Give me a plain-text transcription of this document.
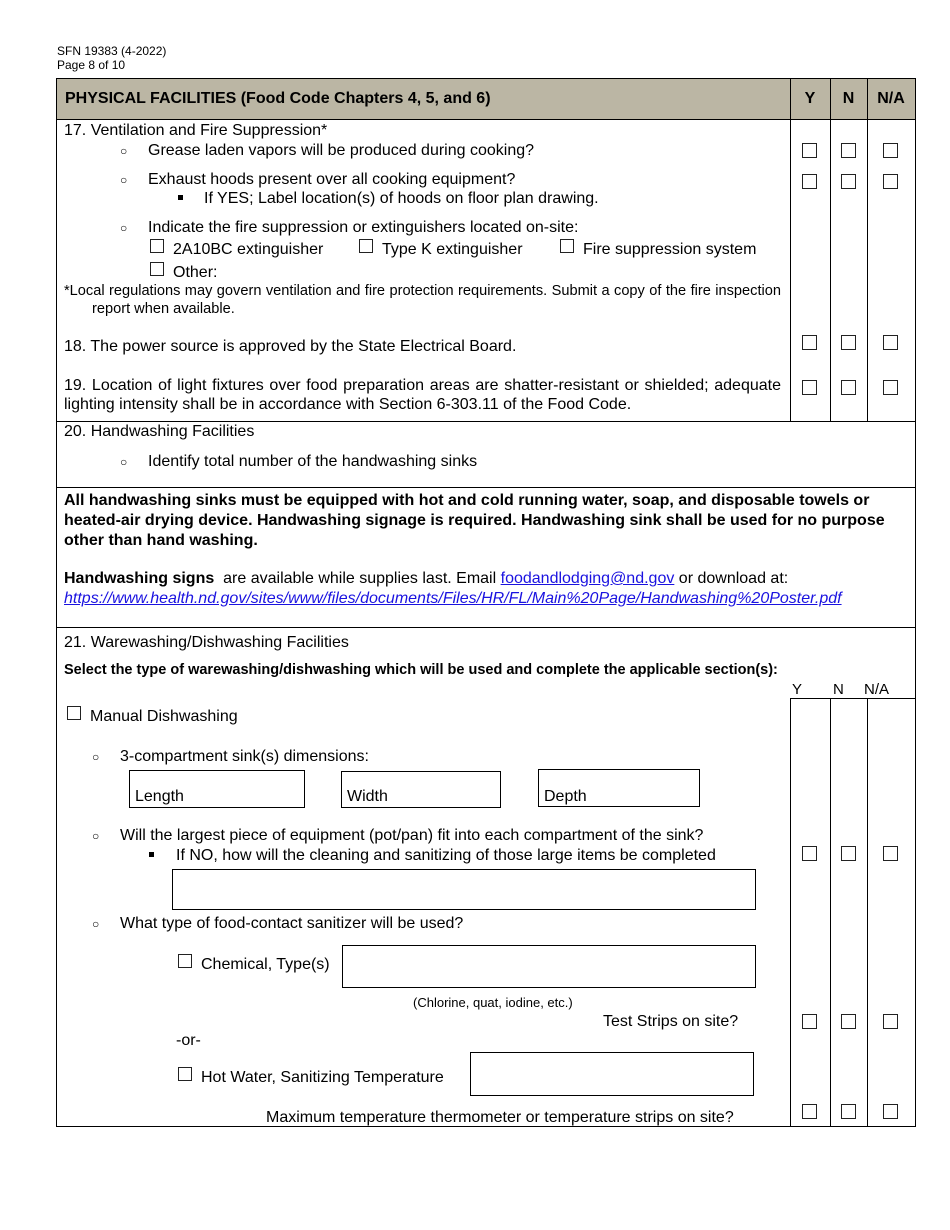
SFN 19383 (4-2022)
Page 8 of 10
PHYSICAL FACILITIES (Food Code Chapters 4, 5, and 6)	Y	N	N/A
17. Ventilation and Fire Suppression*
○ Grease laden vapors will be produced during cooking?
○ Exhaust hoods present over all cooking equipment?
If YES; Label location(s) of hoods on floor plan drawing.
○ Indicate the fire suppression or extinguishers located on-site:
2A10BC extinguisher	Type K extinguisher	Fire suppression system
Other:
*Local regulations may govern ventilation and fire protection requirements. Submit a copy of the fire inspection report when available.
18. The power source is approved by the State Electrical Board.
19. Location of light fixtures over food preparation areas are shatter-resistant or shielded; adequate lighting intensity shall be in accordance with Section 6-303.11 of the Food Code.
20. Handwashing Facilities
○ Identify total number of the handwashing sinks
All handwashing sinks must be equipped with hot and cold running water, soap, and disposable towels or heated-air drying device. Handwashing signage is required. Handwashing sink shall be used for no purpose other than hand washing.
Handwashing signs are available while supplies last. Email foodandlodging@nd.gov or download at:
https://www.health.nd.gov/sites/www/files/documents/Files/HR/FL/Main%20Page/Handwashing%20Poster.pdf
21. Warewashing/Dishwashing Facilities
Select the type of warewashing/dishwashing which will be used and complete the applicable section(s):
Y N N/A
Manual Dishwashing
○ 3-compartment sink(s) dimensions:
Length	Width	Depth
○ Will the largest piece of equipment (pot/pan) fit into each compartment of the sink?
If NO, how will the cleaning and sanitizing of those large items be completed
○ What type of food-contact sanitizer will be used?
Chemical, Type(s)
(Chlorine, quat, iodine, etc.)
Test Strips on site?
-or-
Hot Water, Sanitizing Temperature
Maximum temperature thermometer or temperature strips on site?
